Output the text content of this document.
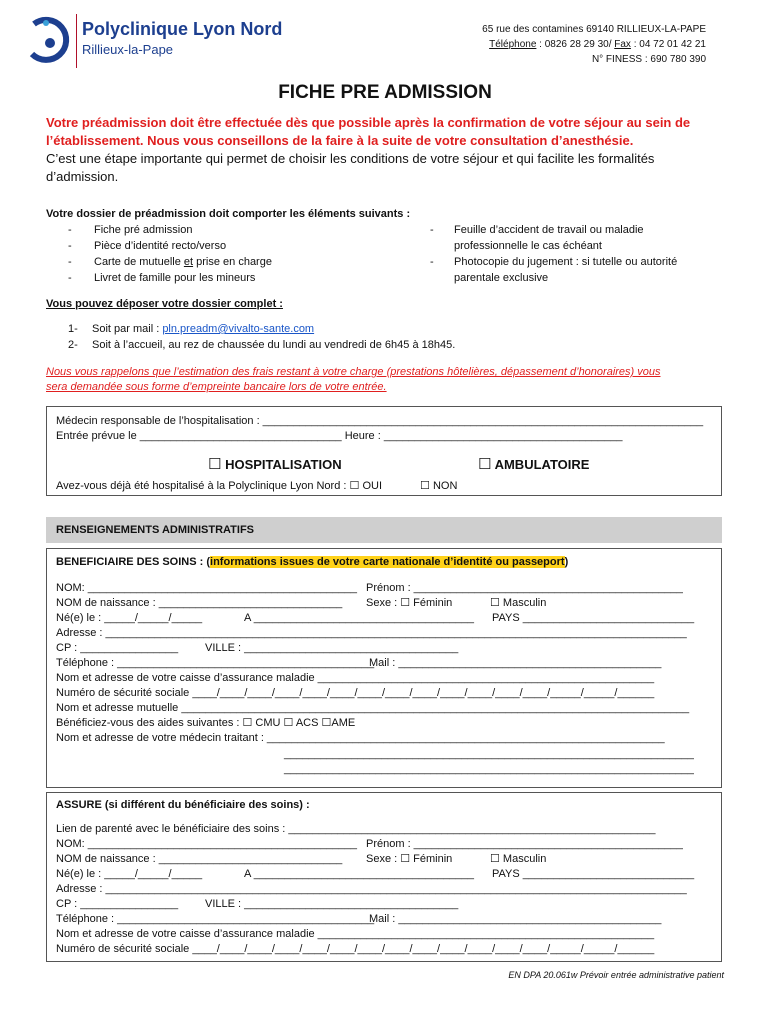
Polyclinique Lyon Nord
Rillieux-la-Pape
65 rue des contamines 69140 RILLIEUX-LA-PAPE
Téléphone : 0826 28 29 30/ Fax : 04 72 01 42 21
N° FINESS : 690 780 390
FICHE PRE ADMISSION
Votre préadmission doit être effectuée dès que possible après la confirmation de votre séjour au sein de
l’établissement. Nous vous conseillons de la faire à la suite de votre consultation d’anesthésie.
C’est une étape importante qui permet de choisir les conditions de votre séjour et qui facilite les formalités
d’admission.
Votre dossier de préadmission doit comporter les éléments suivants :
- Fiche pré admission
- Pièce d’identité recto/verso
- Carte de mutuelle et prise en charge
- Livret de famille pour les mineurs
- Feuille d’accident de travail ou maladie
professionnelle le cas échéant
- Photocopie du jugement : si tutelle ou autorité
parentale exclusive
Vous pouvez déposer votre dossier complet :
1- Soit par mail : pln.preadm@vivalto-sante.com
2- Soit à l’accueil, au rez de chaussée du lundi au vendredi de 6h45 à 18h45.
Nous vous rappelons que l’estimation des frais restant à votre charge (prestations hôtelières, dépassement d’honoraires) vous
sera demandée sous forme d’empreinte bancaire lors de votre entrée.
Médecin responsable de l’hospitalisation : ________________________________________________________________________
Entrée prévue le _________________________________ Heure : _______________________________________
☐ HOSPITALISATION	☐ AMBULATOIRE
Avez-vous déjà été hospitalisé à la Polyclinique Lyon Nord : ☐ OUI	☐ NON
RENSEIGNEMENTS ADMINISTRATIFS
BENEFICIAIRE DES SOINS : (informations issues de votre carte nationale d’identité ou passeport)
NOM: ____________________________________________ Prénom : ____________________________________________
NOM de naissance : ______________________________ Sexe : ☐ Féminin	☐ Masculin
Né(e) le : _____/_____/_____	A ____________________________________ PAYS ____________________________
Adresse : _______________________________________________________________________________________________
CP : ________________ VILLE : ___________________________________
Téléphone : __________________________________________
Mail : ___________________________________________
Nom et adresse de votre caisse d’assurance maladie _______________________________________________________
Numéro de sécurité sociale ____/____/____/____/____/____/____/____/____/____/____/____/____/_____/_____/______
Nom et adresse mutuelle ___________________________________________________________________________________
Bénéficiez-vous des aides suivantes : ☐ CMU ☐ ACS ☐AME
Nom et adresse de votre médecin traitant : _________________________________________________________________
___________________________________________________________________
___________________________________________________________________
ASSURE (si différent du bénéficiaire des soins) :
Lien de parenté avec le bénéficiaire des soins : ____________________________________________________________
NOM: ____________________________________________ Prénom : ____________________________________________
NOM de naissance : ______________________________ Sexe : ☐ Féminin	☐ Masculin
Né(e) le : _____/_____/_____	A ____________________________________ PAYS ____________________________
Adresse : _______________________________________________________________________________________________
CP : ________________ VILLE : ___________________________________
Téléphone : __________________________________________
Mail : ___________________________________________
Nom et adresse de votre caisse d’assurance maladie _______________________________________________________
Numéro de sécurité sociale ____/____/____/____/____/____/____/____/____/____/____/____/____/_____/_____/______
EN DPA 20.061w Prévoir entrée administrative patient
